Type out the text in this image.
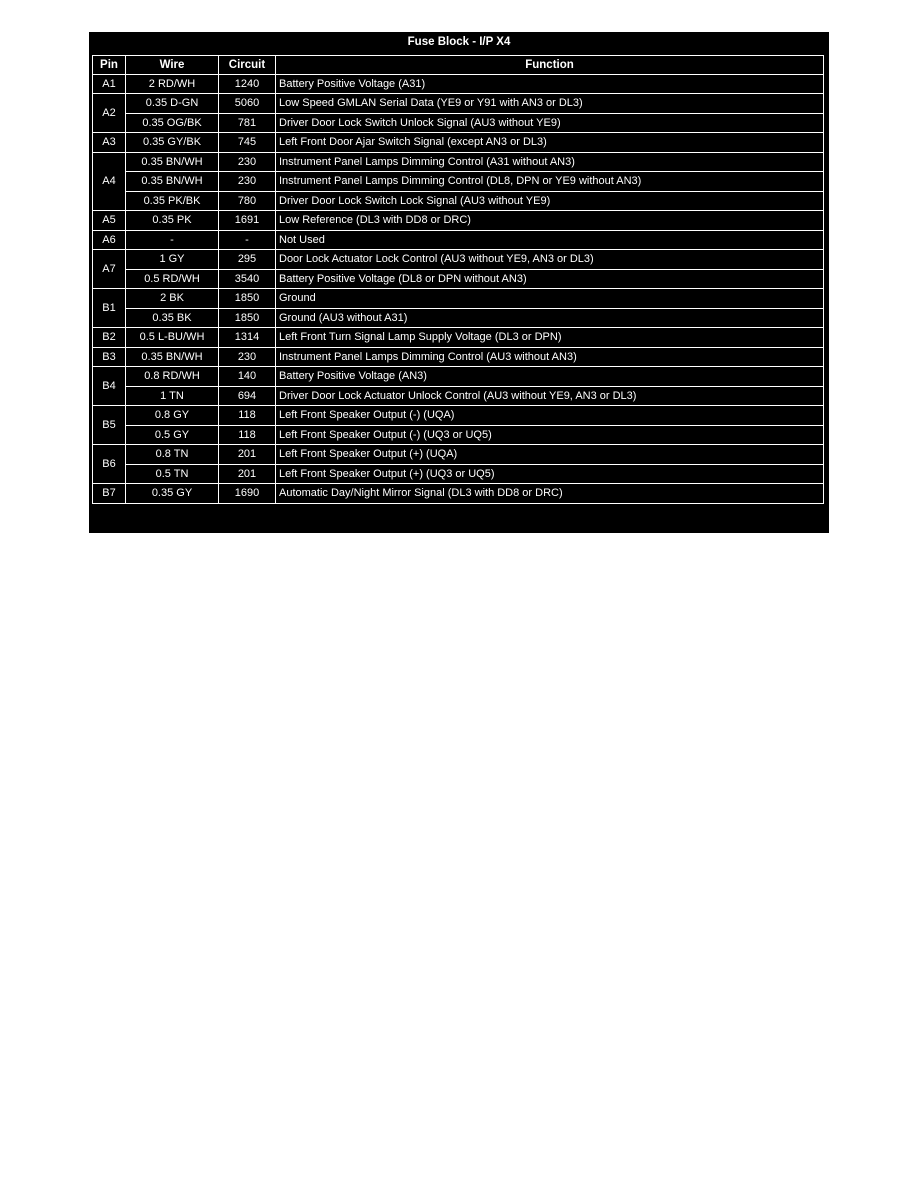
Fuse Block - I/P X4
Pin	Wire	Circuit	Function
A1	2 RD/WH	1240	Battery Positive Voltage (A31)
A2	0.35 D-GN	5060	Low Speed GMLAN Serial Data (YE9 or Y91 with AN3 or DL3)
	0.35 OG/BK	781	Driver Door Lock Switch Unlock Signal (AU3 without YE9)
A3	0.35 GY/BK	745	Left Front Door Ajar Switch Signal (except AN3 or DL3)
A4	0.35 BN/WH	230	Instrument Panel Lamps Dimming Control (A31 without AN3)
	0.35 BN/WH	230	Instrument Panel Lamps Dimming Control (DL8, DPN or YE9 without AN3)
	0.35 PK/BK	780	Driver Door Lock Switch Lock Signal (AU3 without YE9)
A5	0.35 PK	1691	Low Reference (DL3 with DD8 or DRC)
A6	-	-	Not Used
A7	1 GY	295	Door Lock Actuator Lock Control (AU3 without YE9, AN3 or DL3)
	0.5 RD/WH	3540	Battery Positive Voltage (DL8 or DPN without AN3)
B1	2 BK	1850	Ground
	0.35 BK	1850	Ground (AU3 without A31)
B2	0.5 L-BU/WH	1314	Left Front Turn Signal Lamp Supply Voltage (DL3 or DPN)
B3	0.35 BN/WH	230	Instrument Panel Lamps Dimming Control (AU3 without AN3)
B4	0.8 RD/WH	140	Battery Positive Voltage (AN3)
	1 TN	694	Driver Door Lock Actuator Unlock Control (AU3 without YE9, AN3 or DL3)
B5	0.8 GY	118	Left Front Speaker Output (-) (UQA)
	0.5 GY	118	Left Front Speaker Output (-) (UQ3 or UQ5)
B6	0.8 TN	201	Left Front Speaker Output (+) (UQA)
	0.5 TN	201	Left Front Speaker Output (+) (UQ3 or UQ5)
B7	0.35 GY	1690	Automatic Day/Night Mirror Signal (DL3 with DD8 or DRC)
